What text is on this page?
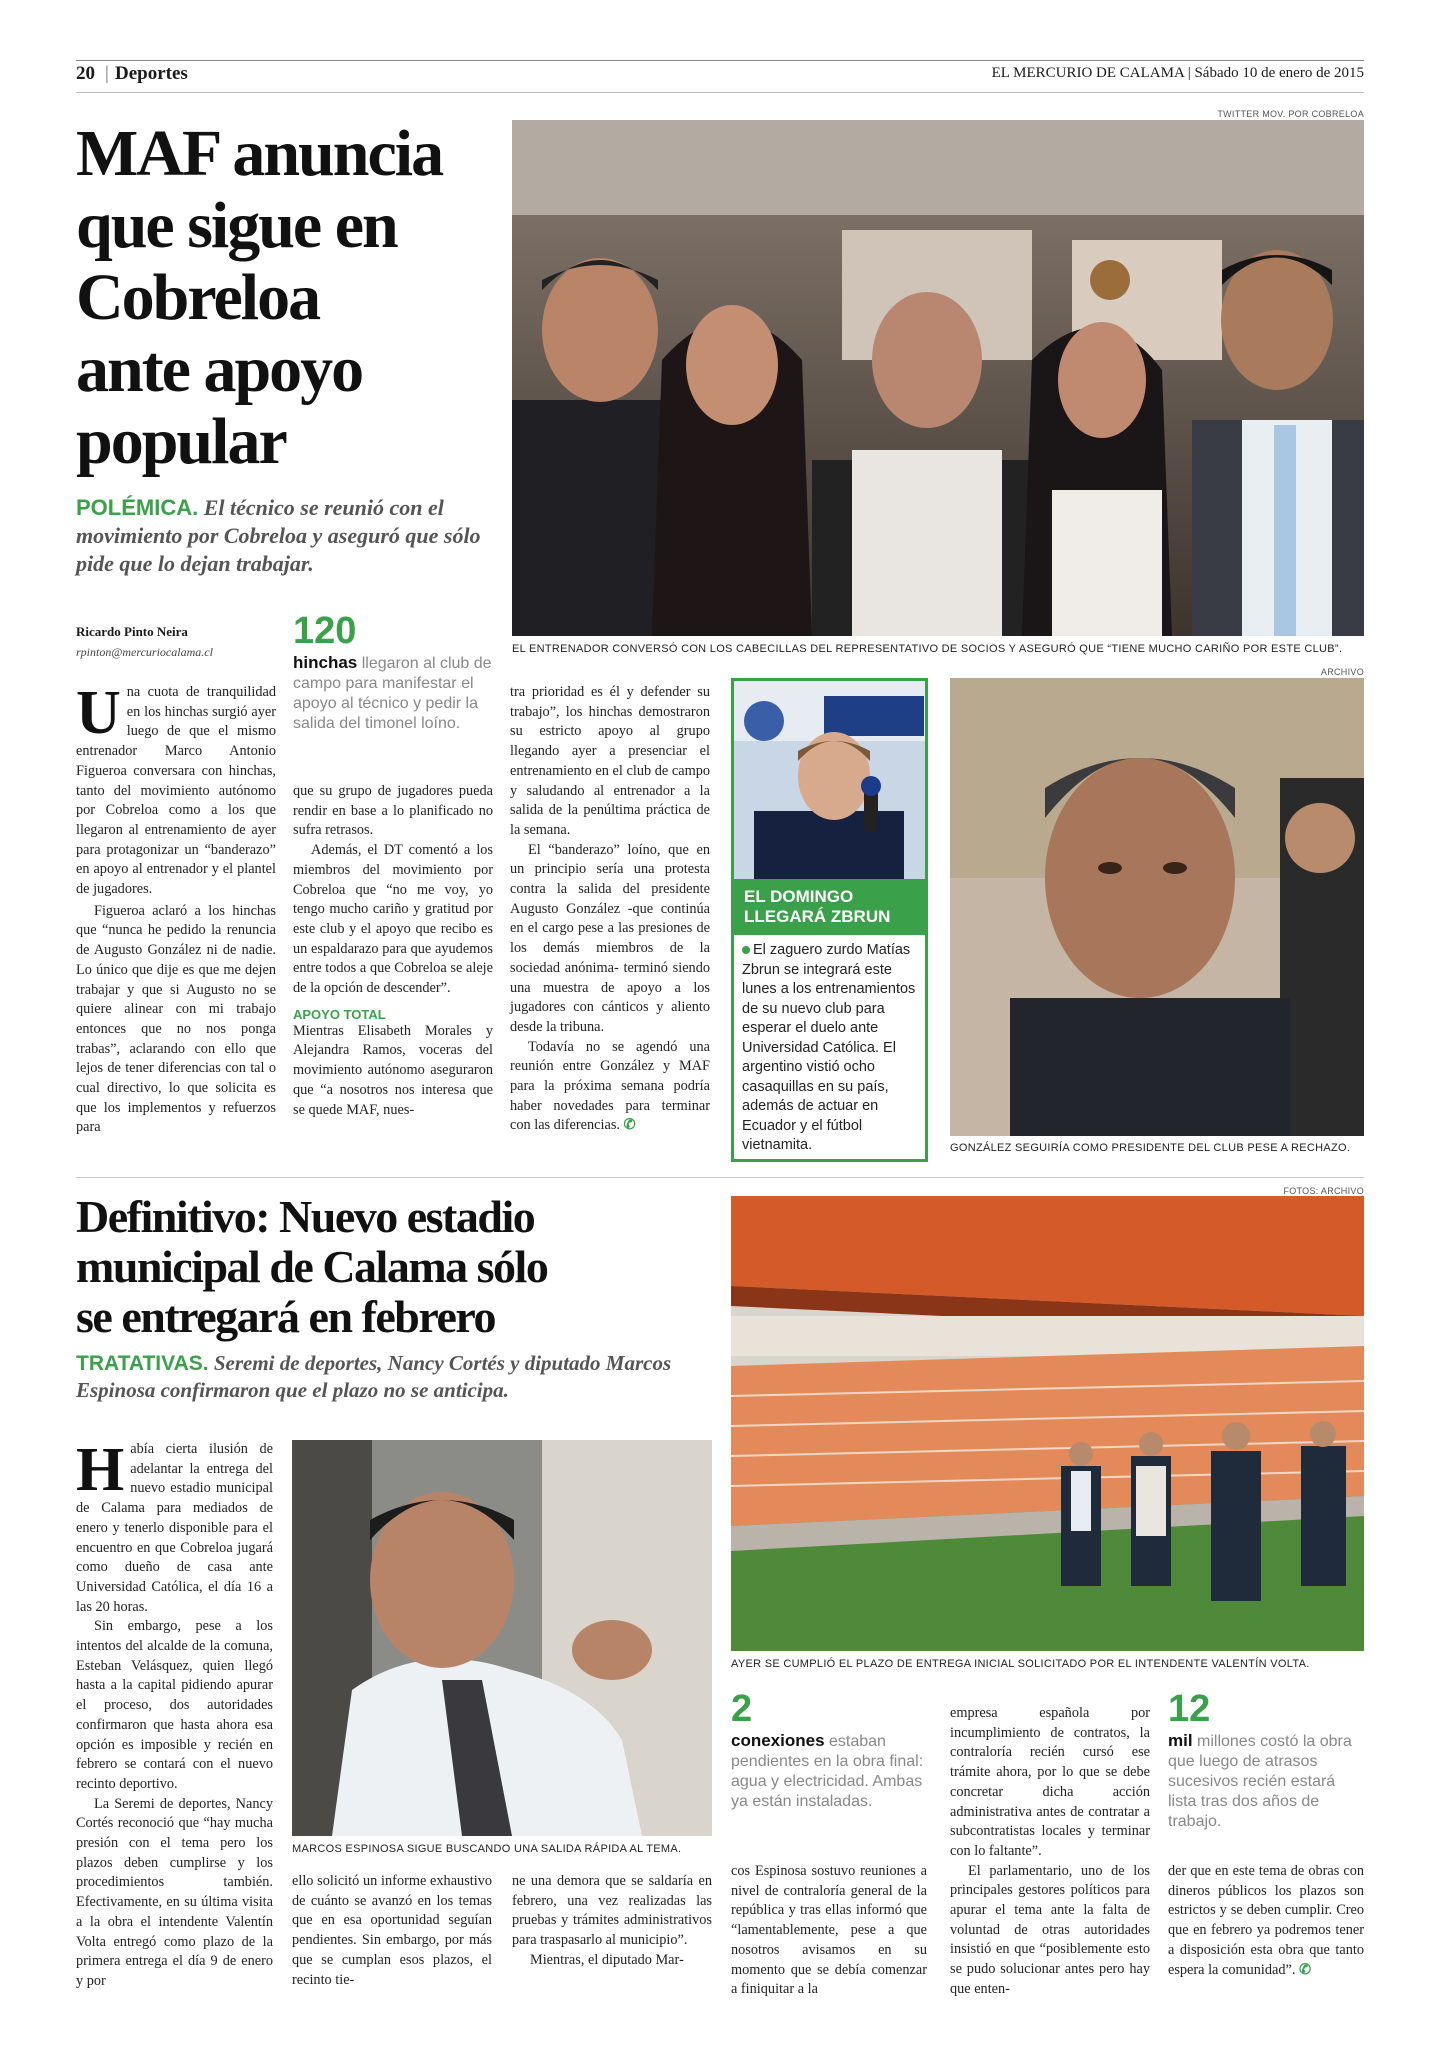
20 | Deportes	EL MERCURIO DE CALAMA | Sábado 10 de enero de 2015
MAF anuncia
que sigue en
Cobreloa
ante apoyo
popular
POLÉMICA. El técnico se reunió con el movimiento por Cobreloa y aseguró que sólo pide que lo dejan trabajar.
Ricardo Pinto Neira
rpinton@mercuriocalama.cl 120
hinchas llegaron al club de campo para manifestar el apoyo al técnico y pedir la salida del timonel loíno.

Una cuota de tranquilidad en los hinchas surgió ayer luego de que el mismo entrenador Marco Antonio Figueroa conversara con hinchas, tanto del movimiento autónomo por Cobreloa como a los que llegaron al entrenamiento de ayer para protagonizar un “banderazo” en apoyo al entrenador y el plantel de jugadores.

Figueroa aclaró a los hinchas que “nunca he pedido la renuncia de Augusto González ni de nadie. Lo único que dije es que me dejen trabajar y que si Augusto no se quiere alinear con mi trabajo entonces que no nos ponga trabas”, aclarando con ello que lejos de tener diferencias con tal o cual directivo, lo que solicita es que los implementos y refuerzos para

que su grupo de jugadores pueda rendir en base a lo planificado no sufra retrasos.

Además, el DT comentó a los miembros del movimiento por Cobreloa que “no me voy, yo tengo mucho cariño y gratitud por este club y el apoyo que recibo es un espaldarazo para que ayudemos entre todos a que Cobreloa se aleje de la opción de descender”.

APOYO TOTAL

Mientras Elisabeth Morales y Alejandra Ramos, voceras del movimiento autónomo aseguraron que “a nosotros nos interesa que se quede MAF, nues-

tra prioridad es él y defender su trabajo”, los hinchas demostraron su estricto apoyo al grupo llegando ayer a presenciar el entrenamiento en el club de campo y saludando al entrenador a la salida de la penúltima práctica de la semana.

El “banderazo” loíno, que en un principio sería una protesta contra la salida del presidente Augusto González -que continúa en el cargo pese a las presiones de los demás miembros de la sociedad anónima- terminó siendo una muestra de apoyo a los jugadores con cánticos y aliento desde la tribuna.

Todavía no se agendó una reunión entre González y MAF para la próxima semana podría haber novedades para terminar con las diferencias. ✆

TWITTER MOV. POR COBRELOA
EL ENTRENADOR CONVERSÓ CON LOS CABECILLAS DEL REPRESENTATIVO DE SOCIOS Y ASEGURÓ QUE “TIENE MUCHO CARIÑO POR ESTE CLUB”.
EL DOMINGO LLEGARÁ ZBRUN
El zaguero zurdo Matías Zbrun se integrará este lunes a los entrenamientos de su nuevo club para esperar el duelo ante Universidad Católica. El argentino vistió ocho casaquillas en su país, además de actuar en Ecuador y el fútbol vietnamita.
ARCHIVO
GONZÁLEZ SEGUIRÍA COMO PRESIDENTE DEL CLUB PESE A RECHAZO.
Definitivo: Nuevo estadio
municipal de Calama sólo
se entregará en febrero
TRATATIVAS. Seremi de deportes, Nancy Cortés y diputado Marcos Espinosa confirmaron que el plazo no se anticipa.
FOTOS: ARCHIVO
AYER SE CUMPLIÓ EL PLAZO DE ENTREGA INICIAL SOLICITADO POR EL INTENDENTE VALENTÍN VOLTA.

Había cierta ilusión de adelantar la entrega del nuevo estadio municipal de Calama para mediados de enero y tenerlo disponible para el encuentro en que Cobreloa jugará como dueño de casa ante Universidad Católica, el día 16 a las 20 horas.

Sin embargo, pese a los intentos del alcalde de la comuna, Esteban Velásquez, quien llegó hasta a la capital pidiendo apurar el proceso, dos autoridades confirmaron que hasta ahora esa opción es imposible y recién en febrero se contará con el nuevo recinto deportivo.

La Seremi de deportes, Nancy Cortés reconoció que “hay mucha presión con el tema pero los plazos deben cumplirse y los procedimientos también. Efectivamente, en su última visita a la obra el intendente Valentín Volta entregó como plazo de la primera entrega el día 9 de enero y por

MARCOS ESPINOSA SIGUE BUSCANDO UNA SALIDA RÁPIDA AL TEMA.

ello solicitó un informe exhaustivo de cuánto se avanzó en los temas que en esa oportunidad seguían pendientes. Sin embargo, por más que se cumplan esos plazos, el recinto tie-

ne una demora que se saldaría en febrero, una vez realizadas las pruebas y trámites administrativos para traspasarlo al municipio”.

Mientras, el diputado Mar-

2
conexiones estaban pendientes en la obra final: agua y electricidad. Ambas ya están instaladas.

cos Espinosa sostuvo reuniones a nivel de contraloría general de la república y tras ellas informó que “lamentablemente, pese a que nosotros avisamos en su momento que se debía comenzar a finiquitar a la

empresa española por incumplimiento de contratos, la contraloría recién cursó ese trámite ahora, por lo que se debe concretar dicha acción administrativa antes de contratar a subcontratistas locales y terminar con lo faltante”.

El parlamentario, uno de los principales gestores políticos para apurar el tema ante la falta de voluntad de otras autoridades insistió en que “posiblemente esto se pudo solucionar antes pero hay que enten-

12
mil millones costó la obra que luego de atrasos sucesivos recién estará lista tras dos años de trabajo.

der que en este tema de obras con dineros públicos los plazos son estrictos y se deben cumplir. Creo que en febrero ya podremos tener a disposición esta obra que tanto espera la comunidad”. ✆
